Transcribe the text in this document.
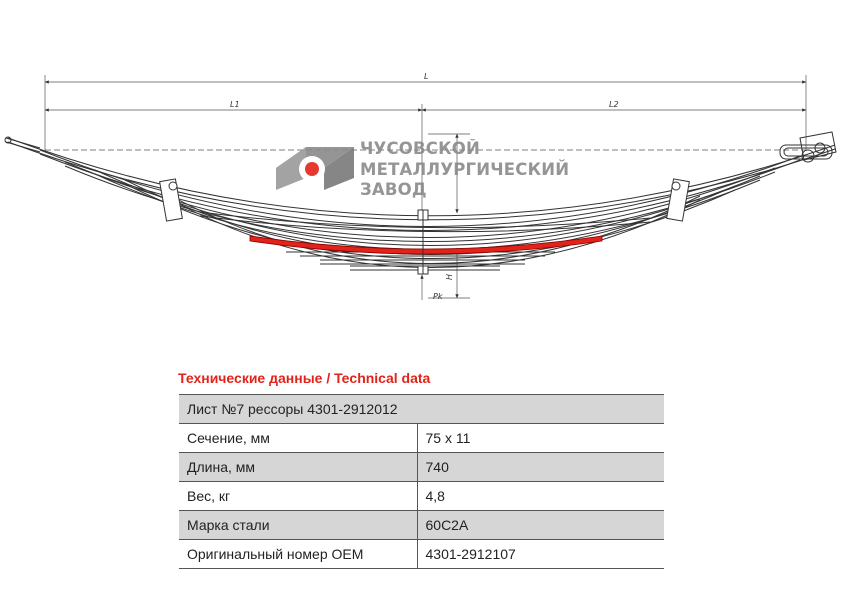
L
L1	L2
H
Pk
ЧУСОВСКОЙ
МЕТАЛЛУРГИЧЕСКИЙ
ЗАВОД
Технические данные / Technical data
Лист №7 рессоры 4301-2912012	
Сечение, мм	75 x 11
Длина, мм	740
Вес, кг	4,8
Марка стали	60С2А
Оригинальный номер ОЕМ	4301-2912107
